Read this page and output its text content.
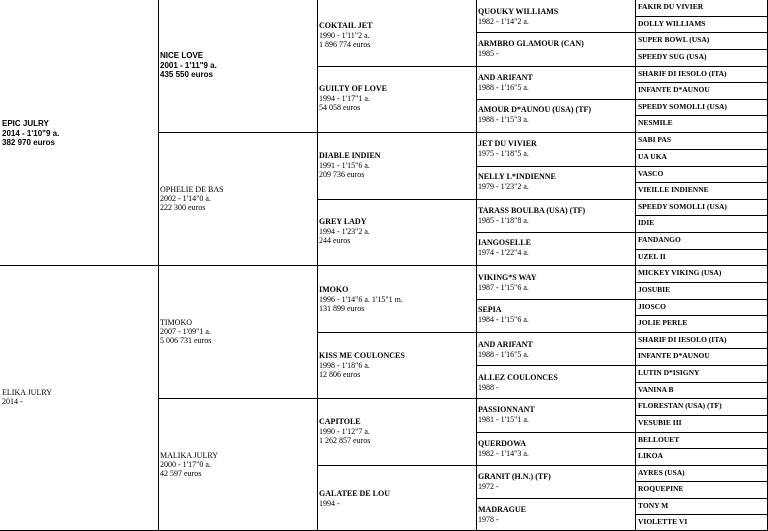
EPIC JULRY
2014 - 1'10"9 a.
382 970 euros
ELIKA JULRY
2014 -
NICE LOVE
2001 - 1'11"9 a.
435 550 euros
OPHELIE DE BAS
2002 - 1'14"0 a.
222 300 euros
TIMOKO
2007 - 1'09"1 a.
5 006 731 euros
MALIKA JULRY
2000 - 1'17"0 a.
42 597 euros
COKTAIL JET
1990 - 1'11"2 a.
1 896 774 euros
GUILTY OF LOVE
1994 - 1'17"1 a.
54 058 euros
DIABLE INDIEN
1991 - 1'15"6 a.
209 736 euros
GREY LADY
1994 - 1'23"2 a.
244 euros
IMOKO
1996 - 1'14"6 a. 1'15"1 m.
131 899 euros
KISS ME COULONCES
1998 - 1'18"6 a.
12 806 euros
CAPITOLE
1990 - 1'12"7 a.
1 262 857 euros
GALATEE DE LOU
1994 -
QUOUKY WILLIAMS
1982 - 1'14"2 a.
ARMBRO GLAMOUR (CAN)
1985 -
AND ARIFANT
1988 - 1'16"5 a.
AMOUR D*AUNOU (USA) (TF)
1988 - 1'15"3 a.
JET DU VIVIER
1975 - 1'18"5 a.
NELLY L*INDIENNE
1979 - 1'23"2 a.
TARASS BOULBA (USA) (TF)
1985 - 1'18"8 a.
IANGOSELLE
1974 - 1'22"4 a.
VIKING*S WAY
1987 - 1'15"6 a.
SEPIA
1984 - 1'15"6 a.
AND ARIFANT
1988 - 1'16"5 a.
ALLEZ COULONCES
1988 -
PASSIONNANT
1981 - 1'15"1 a.
QUERDOWA
1982 - 1'14"3 a.
GRANIT (H.N.) (TF)
1972 -
MADRAGUE
1978 -
FAKIR DU VIVIER
DOLLY WILLIAMS
SUPER BOWL (USA)
SPEEDY SUG (USA)
SHARIF DI IESOLO (ITA)
INFANTE D*AUNOU
SPEEDY SOMOLLI (USA)
NESMILE
SABI PAS
UA UKA
VASCO
VIEILLE INDIENNE
SPEEDY SOMOLLI (USA)
IDIE
FANDANGO
UZEL II
MICKEY VIKING (USA)
JOSUBIE
JIOSCO
JOLIE PERLE
SHARIF DI IESOLO (ITA)
INFANTE D*AUNOU
LUTIN D*ISIGNY
VANINA B
FLORESTAN (USA) (TF)
VESUBIE III
BELLOUET
LIKOA
AYRES (USA)
ROQUEPINE
TONY M
VIOLETTE VI
